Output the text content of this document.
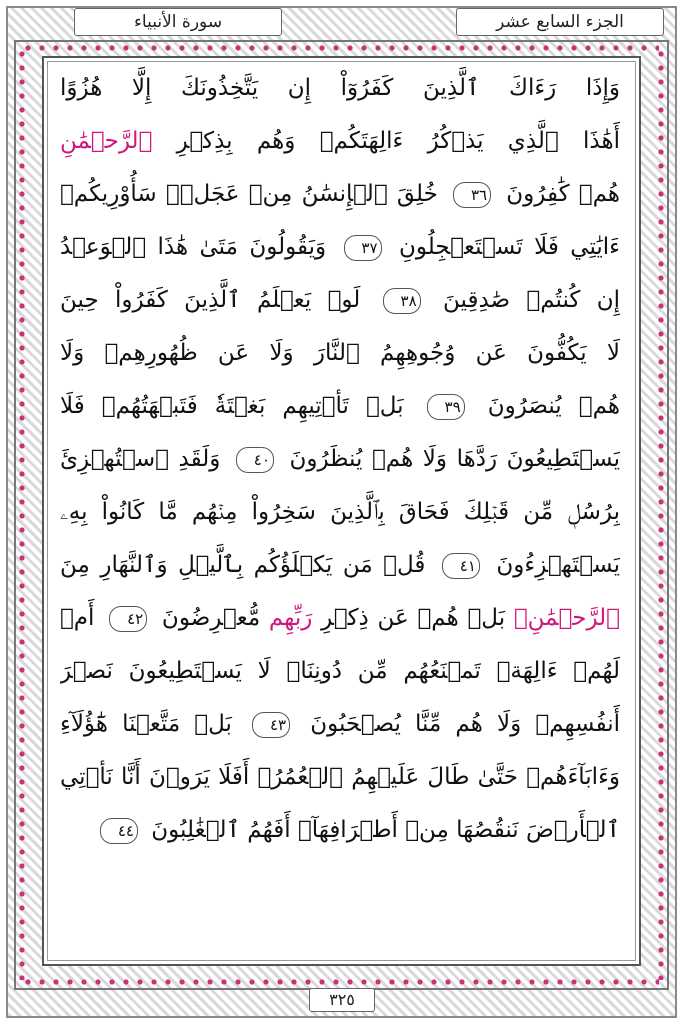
الجزء السابع عشر
سورة الأنبياء
وَإِذَا رَءَاكَ ٱلَّذِينَ كَفَرُوٓاْ إِن يَتَّخِذُونَكَ إِلَّا هُزُوًا
أَهَٰذَا ٱلَّذِي يَذۡكُرُ ءَالِهَتَكُمۡ وَهُم بِذِكۡرِ ٱلرَّحۡمَٰنِ
هُمۡ كَٰفِرُونَ ٣٦ خُلِقَ ٱلۡإِنسَٰنُ مِنۡ عَجَلٖۚ سَأُوْرِيكُمۡ
ءَايَٰتِي فَلَا تَسۡتَعۡجِلُونِ ٣٧ وَيَقُولُونَ مَتَىٰ هَٰذَا ٱلۡوَعۡدُ
إِن كُنتُمۡ صَٰدِقِينَ ٣٨ لَوۡ يَعۡلَمُ ٱلَّذِينَ كَفَرُواْ حِينَ
لَا يَكُفُّونَ عَن وُجُوهِهِمُ ٱلنَّارَ وَلَا عَن ظُهُورِهِمۡ وَلَا
هُمۡ يُنصَرُونَ ٣٩ بَلۡ تَأۡتِيهِم بَغۡتَةٗ فَتَبۡهَتُهُمۡ فَلَا
يَسۡتَطِيعُونَ رَدَّهَا وَلَا هُمۡ يُنظَرُونَ ٤٠ وَلَقَدِ ٱسۡتُهۡزِئَ
بِرُسُلٖ مِّن قَبۡلِكَ فَحَاقَ بِٱلَّذِينَ سَخِرُواْ مِنۡهُم مَّا كَانُواْ بِهِۦ
يَسۡتَهۡزِءُونَ ٤١ قُلۡ مَن يَكۡلَؤُكُم بِٱلَّيۡلِ وَٱلنَّهَارِ مِنَ
ٱلرَّحۡمَٰنِۚ بَلۡ هُمۡ عَن ذِكۡرِ رَبِّهِم مُّعۡرِضُونَ ٤٢ أَمۡ
لَهُمۡ ءَالِهَةٞ تَمۡنَعُهُم مِّن دُونِنَاۚ لَا يَسۡتَطِيعُونَ نَصۡرَ
أَنفُسِهِمۡ وَلَا هُم مِّنَّا يُصۡحَبُونَ ٤٣ بَلۡ مَتَّعۡنَا هَٰٓؤُلَآءِ
وَءَابَآءَهُمۡ حَتَّىٰ طَالَ عَلَيۡهِمُ ٱلۡعُمُرُۗ أَفَلَا يَرَوۡنَ أَنَّا نَأۡتِي
ٱلۡأَرۡضَ نَنقُصُهَا مِنۡ أَطۡرَافِهَآۚ أَفَهُمُ ٱلۡغَٰلِبُونَ ٤٤
٣٢٥
